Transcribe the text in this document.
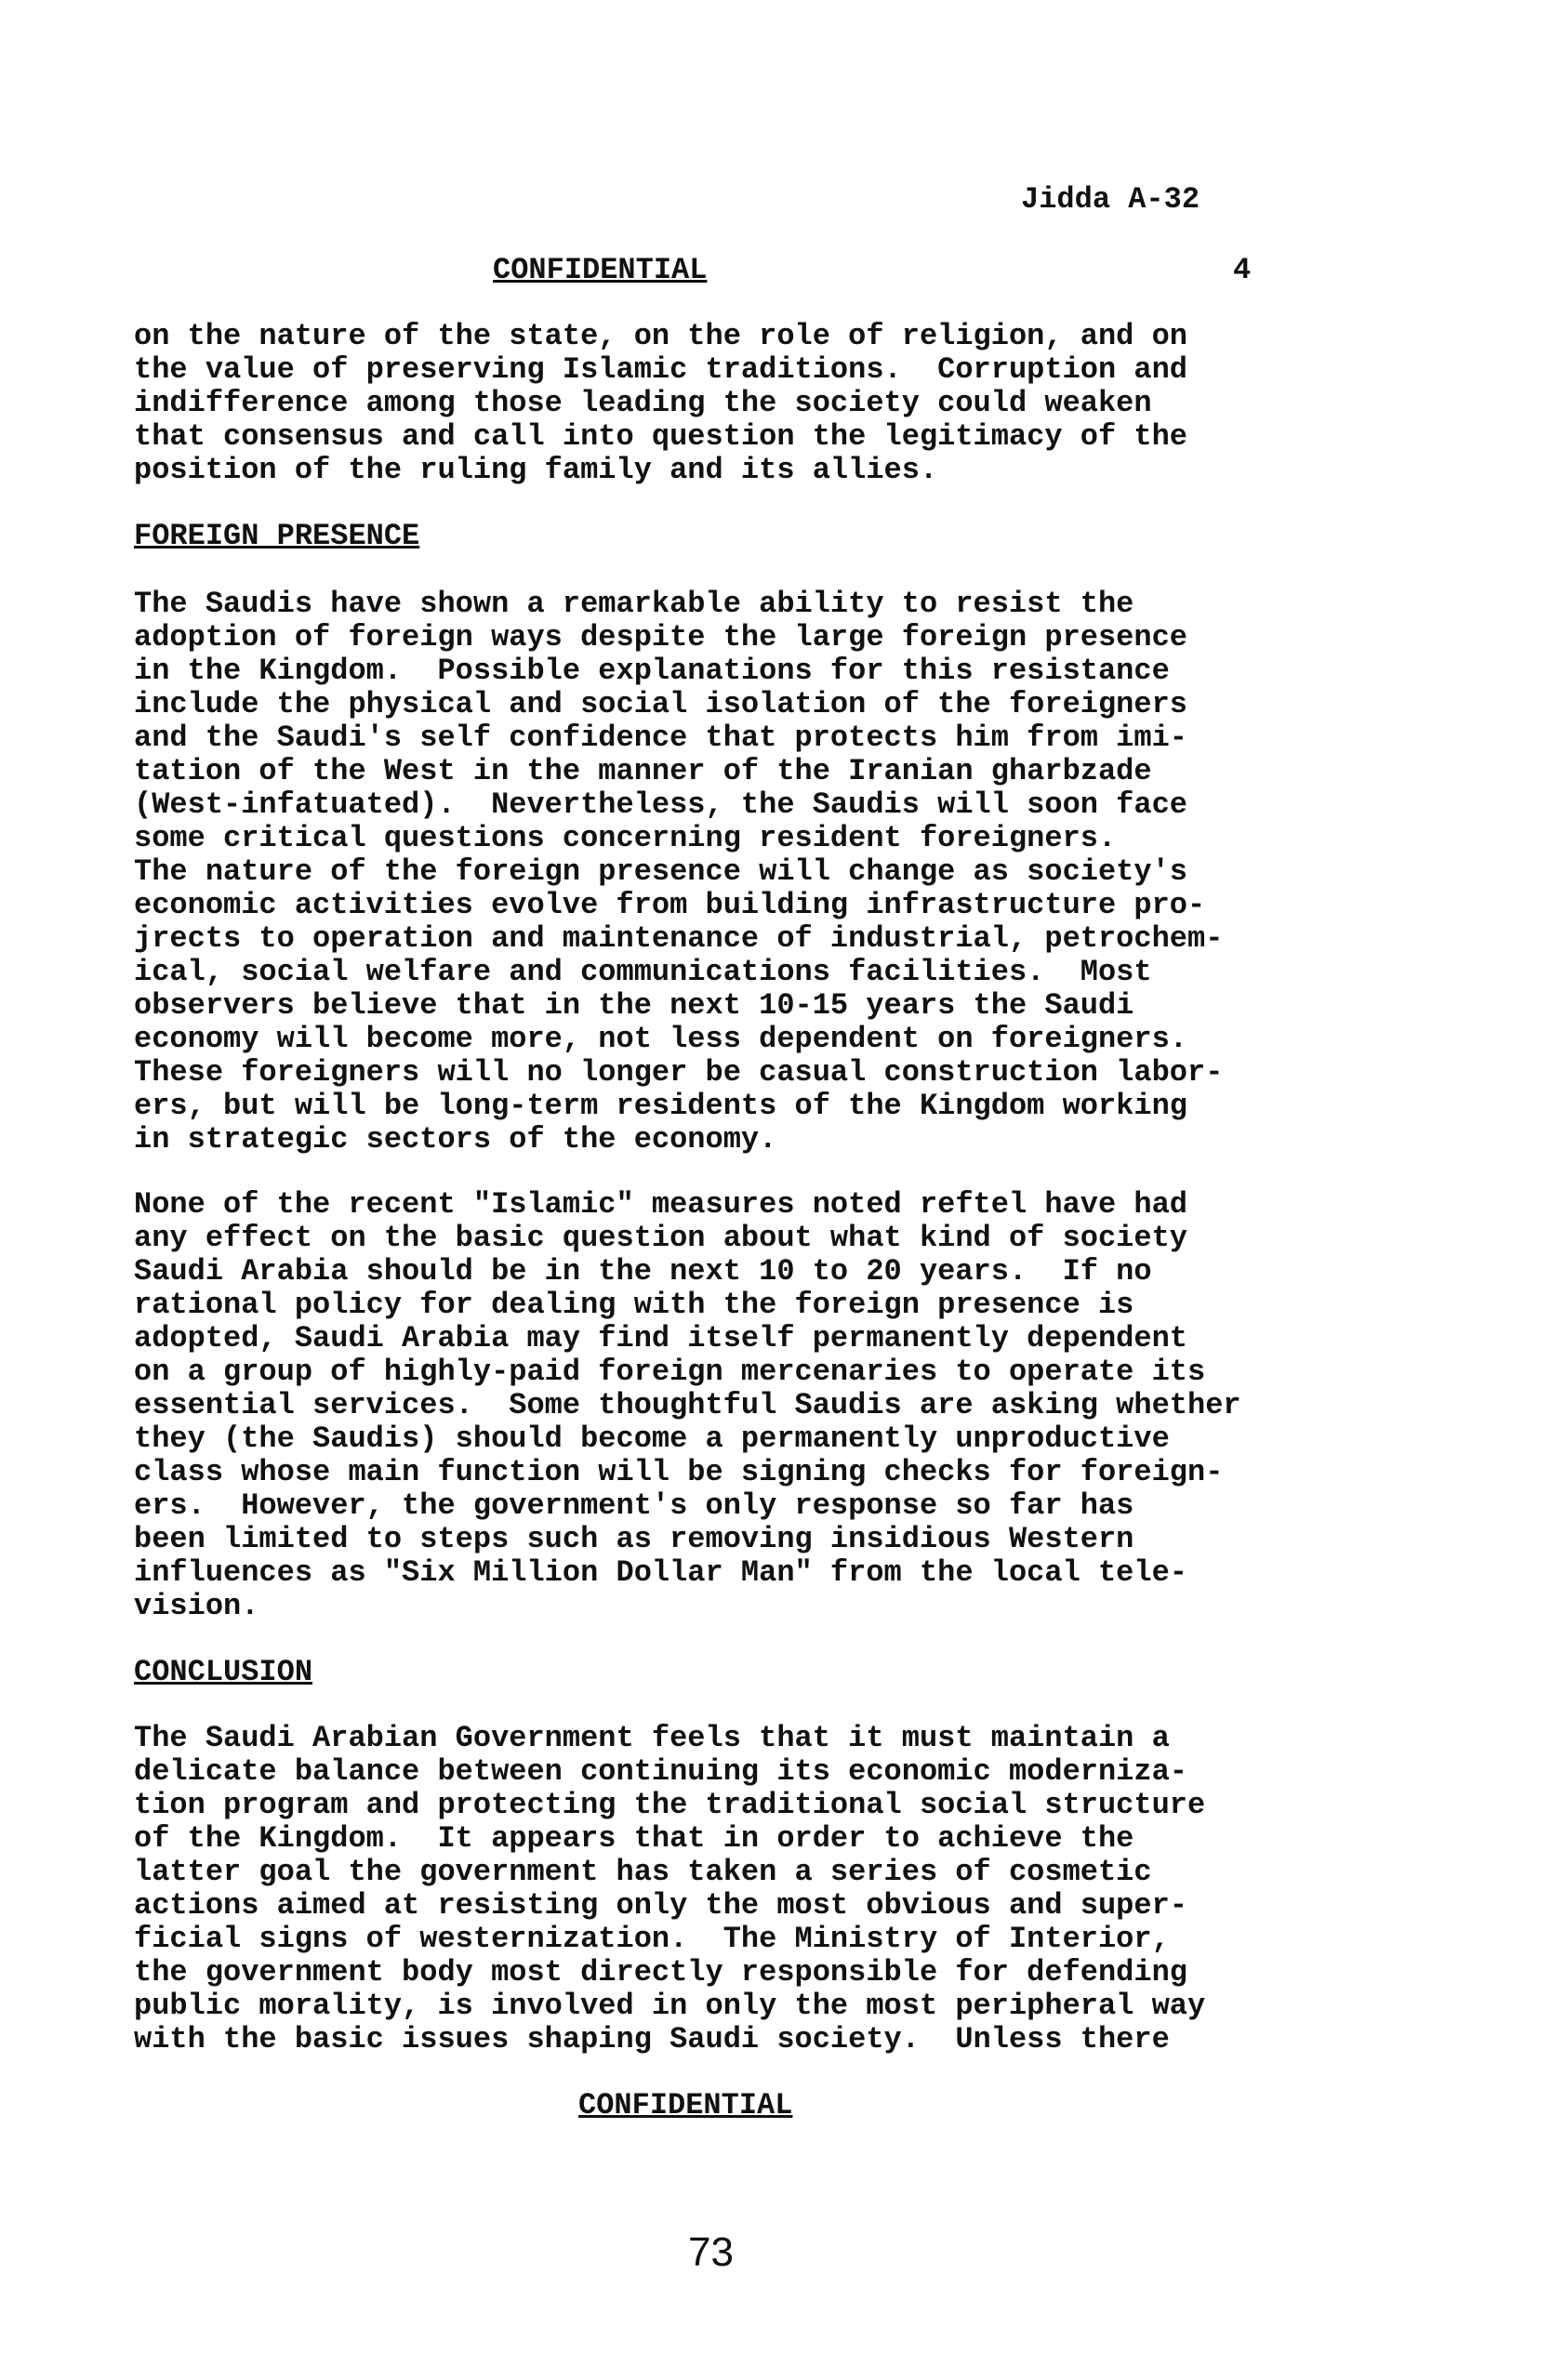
Jidda A-32
CONFIDENTIAL	4
on the nature of the state, on the role of religion, and on
the value of preserving Islamic traditions.  Corruption and
indifference among those leading the society could weaken
that consensus and call into question the legitimacy of the
position of the ruling family and its allies.
FOREIGN PRESENCE
The Saudis have shown a remarkable ability to resist the
adoption of foreign ways despite the large foreign presence
in the Kingdom.  Possible explanations for this resistance
include the physical and social isolation of the foreigners
and the Saudi's self confidence that protects him from imi-
tation of the West in the manner of the Iranian gharbzade
(West-infatuated).  Nevertheless, the Saudis will soon face
some critical questions concerning resident foreigners.
The nature of the foreign presence will change as society's
economic activities evolve from building infrastructure pro-
jrects to operation and maintenance of industrial, petrochem-
ical, social welfare and communications facilities.  Most
observers believe that in the next 10-15 years the Saudi
economy will become more, not less dependent on foreigners.
These foreigners will no longer be casual construction labor-
ers, but will be long-term residents of the Kingdom working
in strategic sectors of the economy.
None of the recent "Islamic" measures noted reftel have had
any effect on the basic question about what kind of society
Saudi Arabia should be in the next 10 to 20 years.  If no
rational policy for dealing with the foreign presence is
adopted, Saudi Arabia may find itself permanently dependent
on a group of highly-paid foreign mercenaries to operate its
essential services.  Some thoughtful Saudis are asking whether
they (the Saudis) should become a permanently unproductive
class whose main function will be signing checks for foreign-
ers.  However, the government's only response so far has
been limited to steps such as removing insidious Western
influences as "Six Million Dollar Man" from the local tele-
vision.
CONCLUSION
The Saudi Arabian Government feels that it must maintain a
delicate balance between continuing its economic moderniza-
tion program and protecting the traditional social structure
of the Kingdom.  It appears that in order to achieve the
latter goal the government has taken a series of cosmetic
actions aimed at resisting only the most obvious and super-
ficial signs of westernization.  The Ministry of Interior,
the government body most directly responsible for defending
public morality, is involved in only the most peripheral way
with the basic issues shaping Saudi society.  Unless there
CONFIDENTIAL
73
